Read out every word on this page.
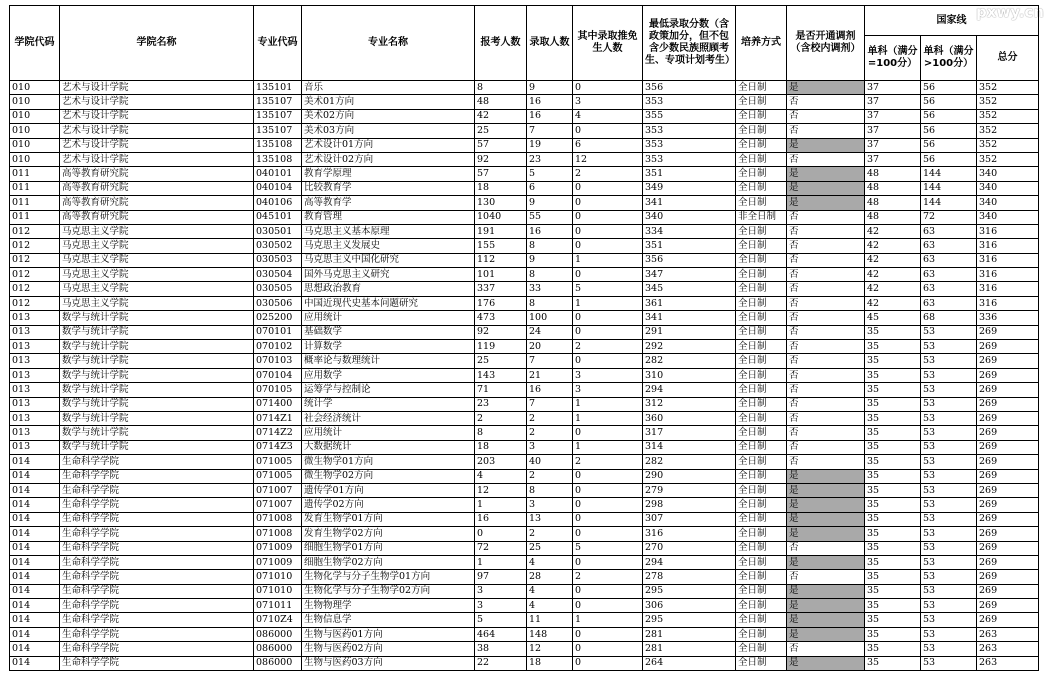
pxwy.cn
学院代码	学院名称	专业代码	专业名称	报考人数	录取人数	其中录取推免生人数	最低录取分数（含政策加分，但不包含少数民族照顾考生、专项计划考生）	培养方式	是否开通调剂（含校内调剂）	国家线		
										单科（满分=100分）	单科（满分>100分）	总分
010	艺术与设计学院	135101	音乐	8	9	0	356	全日制	是	37	56	352
010	艺术与设计学院	135107	美术01方向	48	16	3	353	全日制	否	37	56	352
010	艺术与设计学院	135107	美术02方向	42	16	4	355	全日制	否	37	56	352
010	艺术与设计学院	135107	美术03方向	25	7	0	353	全日制	否	37	56	352
010	艺术与设计学院	135108	艺术设计01方向	57	19	6	353	全日制	是	37	56	352
010	艺术与设计学院	135108	艺术设计02方向	92	23	12	353	全日制	否	37	56	352
011	高等教育研究院	040101	教育学原理	57	5	2	351	全日制	是	48	144	340
011	高等教育研究院	040104	比较教育学	18	6	0	349	全日制	是	48	144	340
011	高等教育研究院	040106	高等教育学	130	9	0	341	全日制	是	48	144	340
011	高等教育研究院	045101	教育管理	1040	55	0	340	非全日制	否	48	72	340
012	马克思主义学院	030501	马克思主义基本原理	191	16	0	334	全日制	否	42	63	316
012	马克思主义学院	030502	马克思主义发展史	155	8	0	351	全日制	否	42	63	316
012	马克思主义学院	030503	马克思主义中国化研究	112	9	1	356	全日制	否	42	63	316
012	马克思主义学院	030504	国外马克思主义研究	101	8	0	347	全日制	否	42	63	316
012	马克思主义学院	030505	思想政治教育	337	33	5	345	全日制	否	42	63	316
012	马克思主义学院	030506	中国近现代史基本问题研究	176	8	1	361	全日制	否	42	63	316
013	数学与统计学院	025200	应用统计	473	100	0	341	全日制	否	45	68	336
013	数学与统计学院	070101	基础数学	92	24	0	291	全日制	否	35	53	269
013	数学与统计学院	070102	计算数学	119	20	2	292	全日制	否	35	53	269
013	数学与统计学院	070103	概率论与数理统计	25	7	0	282	全日制	否	35	53	269
013	数学与统计学院	070104	应用数学	143	21	3	310	全日制	否	35	53	269
013	数学与统计学院	070105	运筹学与控制论	71	16	3	294	全日制	否	35	53	269
013	数学与统计学院	071400	统计学	23	7	1	312	全日制	否	35	53	269
013	数学与统计学院	0714Z1	社会经济统计	2	2	1	360	全日制	否	35	53	269
013	数学与统计学院	0714Z2	应用统计	8	2	0	317	全日制	否	35	53	269
013	数学与统计学院	0714Z3	大数据统计	18	3	1	314	全日制	否	35	53	269
014	生命科学学院	071005	微生物学01方向	203	40	2	282	全日制	否	35	53	269
014	生命科学学院	071005	微生物学02方向	4	2	0	290	全日制	是	35	53	269
014	生命科学学院	071007	遗传学01方向	12	8	0	279	全日制	是	35	53	269
014	生命科学学院	071007	遗传学02方向	1	3	0	298	全日制	是	35	53	269
014	生命科学学院	071008	发育生物学01方向	16	13	0	307	全日制	是	35	53	269
014	生命科学学院	071008	发育生物学02方向	0	2	0	316	全日制	是	35	53	269
014	生命科学学院	071009	细胞生物学01方向	72	25	5	270	全日制	否	35	53	269
014	生命科学学院	071009	细胞生物学02方向	1	4	0	294	全日制	是	35	53	269
014	生命科学学院	071010	生物化学与分子生物学01方向	97	28	2	278	全日制	否	35	53	269
014	生命科学学院	071010	生物化学与分子生物学02方向	3	4	0	295	全日制	是	35	53	269
014	生命科学学院	071011	生物物理学	3	4	0	306	全日制	是	35	53	269
014	生命科学学院	0710Z4	生物信息学	5	11	1	295	全日制	是	35	53	269
014	生命科学学院	086000	生物与医药01方向	464	148	0	281	全日制	是	35	53	263
014	生命科学学院	086000	生物与医药02方向	38	12	0	281	全日制	否	35	53	263
014	生命科学学院	086000	生物与医药03方向	22	18	0	264	全日制	是	35	53	263
